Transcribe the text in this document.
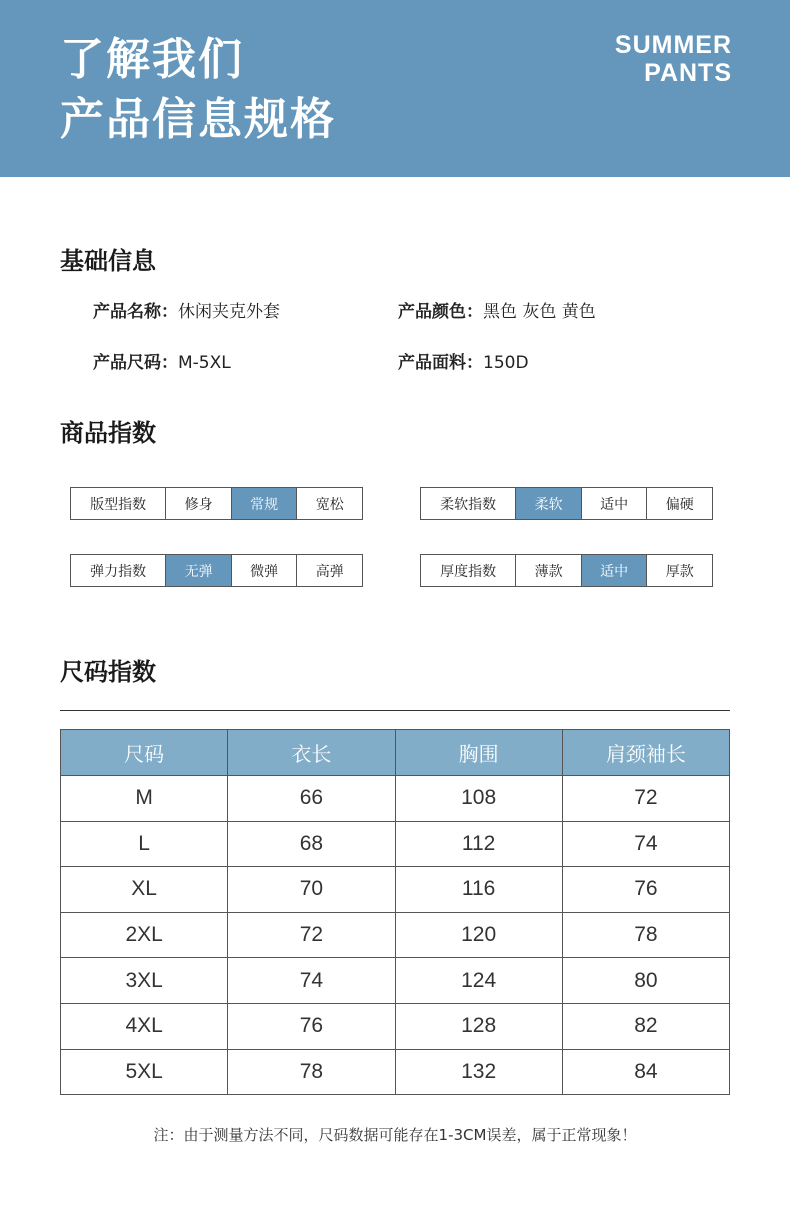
了解我们
产品信息规格
SUMMER
PANTS
基础信息
产品名称：休闲夹克外套	产品颜色：黑色 灰色 黄色
产品尺码：M-5XL	产品面料：150D
商品指数
版型指数	修身	常规	宽松	柔软指数	柔软	适中	偏硬
弹力指数	无弹	微弹	高弹	厚度指数	薄款	适中	厚款
尺码指数
尺码	衣长	胸围	肩颈袖长
M	66	108	72
L	68	112	74
XL	70	116	76
2XL	72	120	78
3XL	74	124	80
4XL	76	128	82
5XL	78	132	84
注：由于测量方法不同，尺码数据可能存在1-3CM误差，属于正常现象！
